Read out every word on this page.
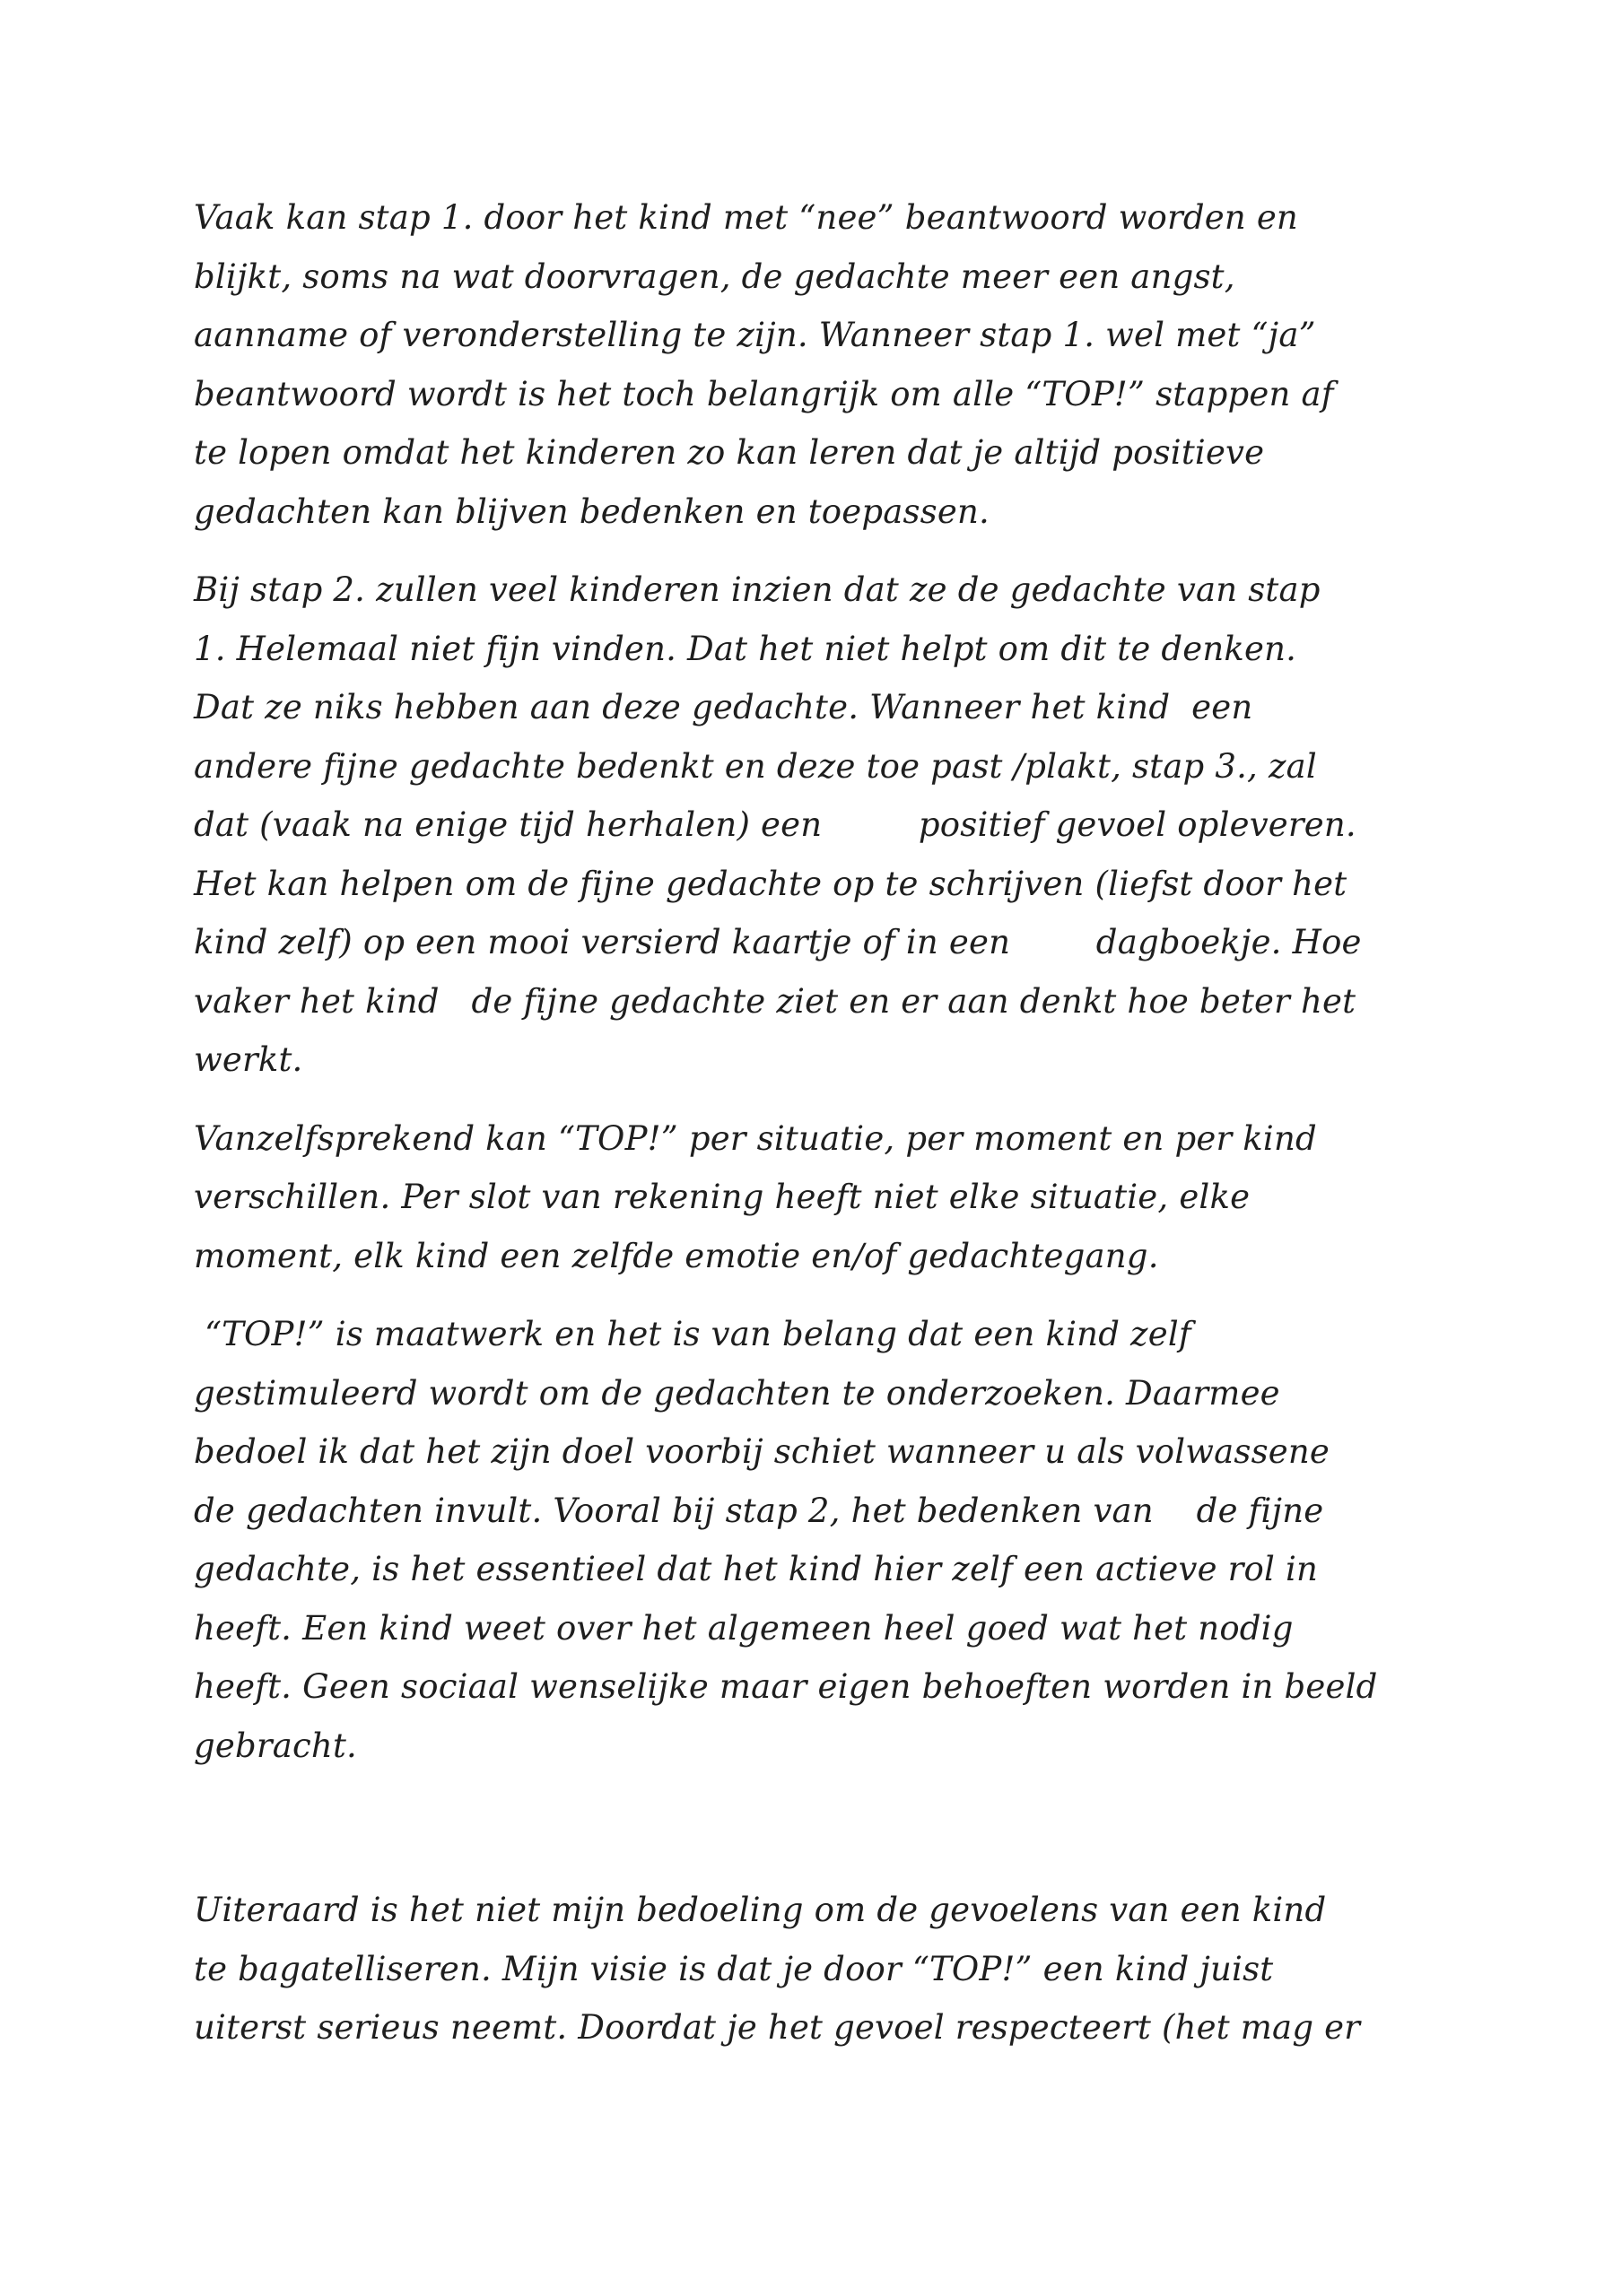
Vaak kan stap 1. door het kind met “nee” beantwoord worden en
blijkt, soms na wat doorvragen, de gedachte meer een angst,
aanname of veronderstelling te zijn. Wanneer stap 1. wel met “ja”
beantwoord wordt is het toch belangrijk om alle “TOP!” stappen af
te lopen omdat het kinderen zo kan leren dat je altijd positieve
gedachten kan blijven bedenken en toepassen.
Bij stap 2. zullen veel kinderen inzien dat ze de gedachte van stap
1. Helemaal niet fijn vinden. Dat het niet helpt om dit te denken.
Dat ze niks hebben aan deze gedachte. Wanneer het kind  een
andere fijne gedachte bedenkt en deze toe past /plakt, stap 3., zal
dat (vaak na enige tijd herhalen) een         positief gevoel opleveren.
Het kan helpen om de fijne gedachte op te schrijven (liefst door het
kind zelf) op een mooi versierd kaartje of in een        dagboekje. Hoe
vaker het kind   de fijne gedachte ziet en er aan denkt hoe beter het
werkt.
Vanzelfsprekend kan “TOP!” per situatie, per moment en per kind
verschillen. Per slot van rekening heeft niet elke situatie, elke
moment, elk kind een zelfde emotie en/of gedachtegang.
“TOP!” is maatwerk en het is van belang dat een kind zelf
gestimuleerd wordt om de gedachten te onderzoeken. Daarmee
bedoel ik dat het zijn doel voorbij schiet wanneer u als volwassene
de gedachten invult. Vooral bij stap 2, het bedenken van    de fijne
gedachte, is het essentieel dat het kind hier zelf een actieve rol in
heeft. Een kind weet over het algemeen heel goed wat het nodig
heeft. Geen sociaal wenselijke maar eigen behoeften worden in beeld
gebracht.
Uiteraard is het niet mijn bedoeling om de gevoelens van een kind
te bagatelliseren. Mijn visie is dat je door “TOP!” een kind juist
uiterst serieus neemt. Doordat je het gevoel respecteert (het mag er
